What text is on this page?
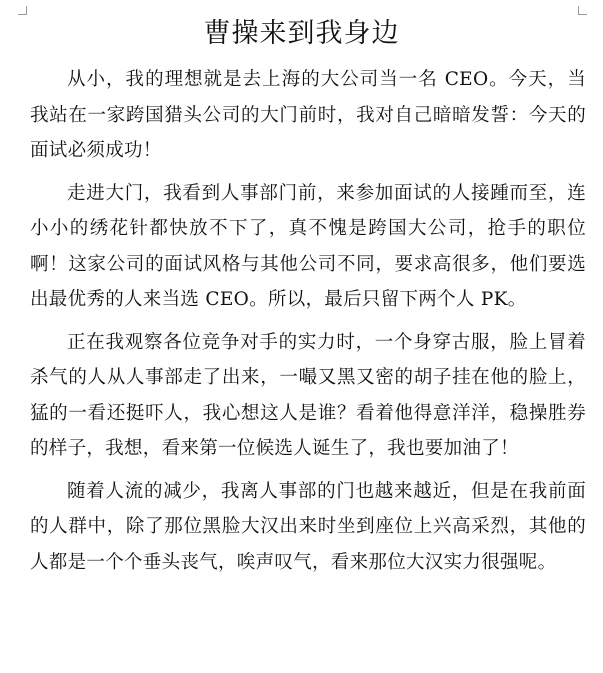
曹操来到我身边

从小，我的理想就是去上海的大公司当一名 CEO。今天，当我站在一家跨国猎头公司的大门前时，我对自己暗暗发誓：今天的面试必须成功！

走进大门，我看到人事部门前，来参加面试的人接踵而至，连小小的绣花针都快放不下了，真不愧是跨国大公司，抢手的职位啊！这家公司的面试风格与其他公司不同，要求高很多，他们要选出最优秀的人来当选 CEO。所以，最后只留下两个人 PK。

正在我观察各位竞争对手的实力时，一个身穿古服，脸上冒着杀气的人从人事部走了出来，一嘬又黑又密的胡子挂在他的脸上，猛的一看还挺吓人，我心想这人是谁？看着他得意洋洋，稳操胜券的样子，我想，看来第一位候选人诞生了，我也要加油了！

随着人流的减少，我离人事部的门也越来越近，但是在我前面的人群中，除了那位黑脸大汉出来时坐到座位上兴高采烈，其他的人都是一个个垂头丧气，唉声叹气，看来那位大汉实力很强呢。
